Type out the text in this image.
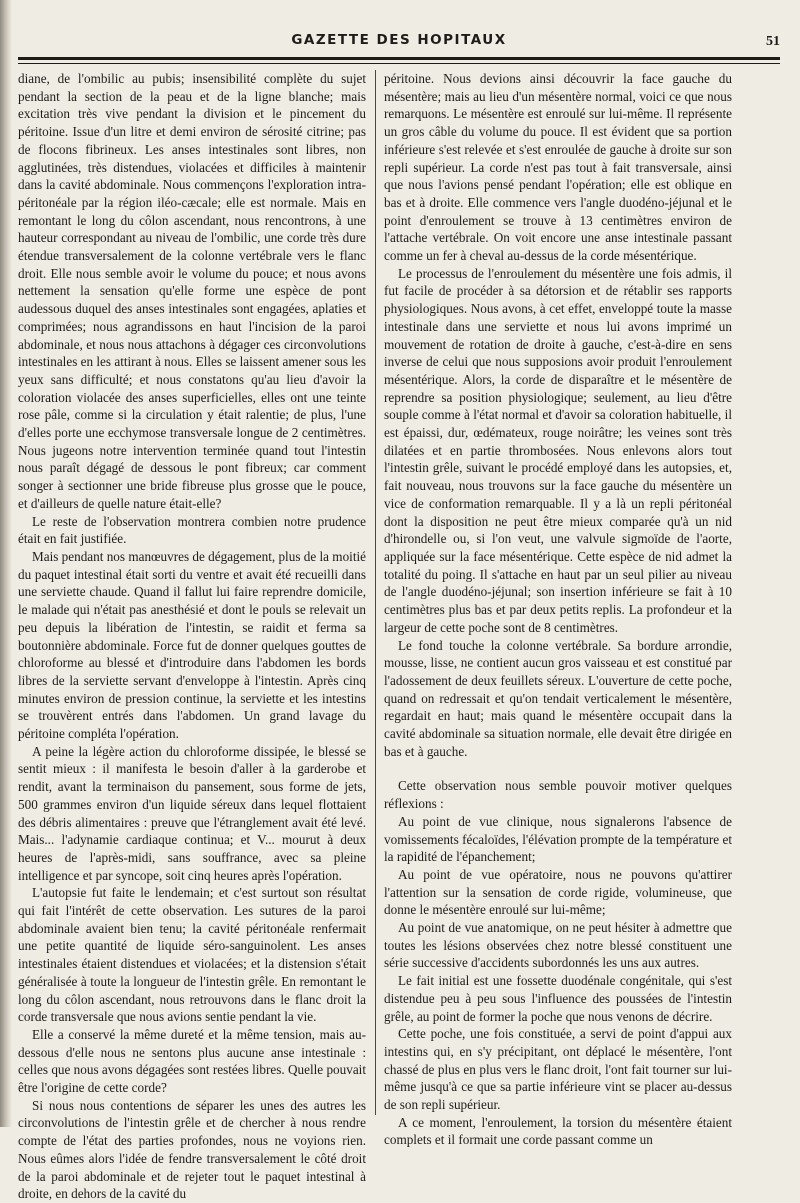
GAZETTE DES HOPITAUX	51

diane, de l'ombilic au pubis; insensibilité complète du sujet pendant la section de la peau et de la ligne blanche; mais excitation très vive pendant la division et le pincement du péritoine. Issue d'un litre et demi environ de sérosité citrine; pas de flocons fibrineux. Les anses intestinales sont libres, non agglutinées, très distendues, violacées et difficiles à maintenir dans la cavité abdominale. Nous commençons l'exploration intra-péritonéale par la région iléo-cæcale; elle est normale. Mais en remontant le long du côlon ascendant, nous rencontrons, à une hauteur correspondant au niveau de l'ombilic, une corde très dure étendue transversalement de la colonne vertébrale vers le flanc droit. Elle nous semble avoir le volume du pouce; et nous avons nettement la sensation qu'elle forme une espèce de pont audessous duquel des anses intestinales sont engagées, aplaties et comprimées; nous agrandissons en haut l'incision de la paroi abdominale, et nous nous attachons à dégager ces circonvolutions intestinales en les attirant à nous. Elles se laissent amener sous les yeux sans difficulté; et nous constatons qu'au lieu d'avoir la coloration violacée des anses superficielles, elles ont une teinte rose pâle, comme si la circulation y était ralentie; de plus, l'une d'elles porte une ecchymose transversale longue de 2 centimètres. Nous jugeons notre intervention terminée quand tout l'intestin nous paraît dégagé de dessous le pont fibreux; car comment songer à sectionner une bride fibreuse plus grosse que le pouce, et d'ailleurs de quelle nature était-elle?

Le reste de l'observation montrera combien notre prudence était en fait justifiée.

Mais pendant nos manœuvres de dégagement, plus de la moitié du paquet intestinal était sorti du ventre et avait été recueilli dans une serviette chaude. Quand il fallut lui faire reprendre domicile, le malade qui n'était pas anesthésié et dont le pouls se relevait un peu depuis la libération de l'intestin, se raidit et ferma sa boutonnière abdominale. Force fut de donner quelques gouttes de chloroforme au blessé et d'introduire dans l'abdomen les bords libres de la serviette servant d'enveloppe à l'intestin. Après cinq minutes environ de pression continue, la serviette et les intestins se trouvèrent entrés dans l'abdomen. Un grand lavage du péritoine compléta l'opération.

A peine la légère action du chloroforme dissipée, le blessé se sentit mieux : il manifesta le besoin d'aller à la garderobe et rendit, avant la terminaison du pansement, sous forme de jets, 500 grammes environ d'un liquide séreux dans lequel flottaient des débris alimentaires : preuve que l'étranglement avait été levé. Mais... l'adynamie cardiaque continua; et V... mourut à deux heures de l'après-midi, sans souffrance, avec sa pleine intelligence et par syncope, soit cinq heures après l'opération.

L'autopsie fut faite le lendemain; et c'est surtout son résultat qui fait l'intérêt de cette observation. Les sutures de la paroi abdominale avaient bien tenu; la cavité péritonéale renfermait une petite quantité de liquide séro-sanguinolent. Les anses intestinales étaient distendues et violacées; et la distension s'était généralisée à toute la longueur de l'intestin grêle. En remontant le long du côlon ascendant, nous retrouvons dans le flanc droit la corde transversale que nous avions sentie pendant la vie.

Elle a conservé la même dureté et la même tension, mais au-dessous d'elle nous ne sentons plus aucune anse intestinale : celles que nous avons dégagées sont restées libres. Quelle pouvait être l'origine de cette corde?

Si nous nous contentions de séparer les unes des autres les circonvolutions de l'intestin grêle et de chercher à nous rendre compte de l'état des parties profondes, nous ne voyions rien. Nous eûmes alors l'idée de fendre transversalement le côté droit de la paroi abdominale et de rejeter tout le paquet intestinal à droite, en dehors de la cavité du

péritoine. Nous devions ainsi découvrir la face gauche du mésentère; mais au lieu d'un mésentère normal, voici ce que nous remarquons. Le mésentère est enroulé sur lui-même. Il représente un gros câble du volume du pouce. Il est évident que sa portion inférieure s'est relevée et s'est enroulée de gauche à droite sur son repli supérieur. La corde n'est pas tout à fait transversale, ainsi que nous l'avions pensé pendant l'opération; elle est oblique en bas et à droite. Elle commence vers l'angle duodéno-jéjunal et le point d'enroulement se trouve à 13 centimètres environ de l'attache vertébrale. On voit encore une anse intestinale passant comme un fer à cheval au-dessus de la corde mésentérique.

Le processus de l'enroulement du mésentère une fois admis, il fut facile de procéder à sa détorsion et de rétablir ses rapports physiologiques. Nous avons, à cet effet, enveloppé toute la masse intestinale dans une serviette et nous lui avons imprimé un mouvement de rotation de droite à gauche, c'est-à-dire en sens inverse de celui que nous supposions avoir produit l'enroulement mésentérique. Alors, la corde de disparaître et le mésentère de reprendre sa position physiologique; seulement, au lieu d'être souple comme à l'état normal et d'avoir sa coloration habituelle, il est épaissi, dur, œdémateux, rouge noirâtre; les veines sont très dilatées et en partie thrombosées. Nous enlevons alors tout l'intestin grêle, suivant le procédé employé dans les autopsies, et, fait nouveau, nous trouvons sur la face gauche du mésentère un vice de conformation remarquable. Il y a là un repli péritonéal dont la disposition ne peut être mieux comparée qu'à un nid d'hirondelle ou, si l'on veut, une valvule sigmoïde de l'aorte, appliquée sur la face mésentérique. Cette espèce de nid admet la totalité du poing. Il s'attache en haut par un seul pilier au niveau de l'angle duodéno-jéjunal; son insertion inférieure se fait à 10 centimètres plus bas et par deux petits replis. La profondeur et la largeur de cette poche sont de 8 centimètres.

Le fond touche la colonne vertébrale. Sa bordure arrondie, mousse, lisse, ne contient aucun gros vaisseau et est constitué par l'adossement de deux feuillets séreux. L'ouverture de cette poche, quand on redressait et qu'on tendait verticalement le mésentère, regardait en haut; mais quand le mésentère occupait dans la cavité abdominale sa situation normale, elle devait être dirigée en bas et à gauche.

Cette observation nous semble pouvoir motiver quelques réflexions :

Au point de vue clinique, nous signalerons l'absence de vomissements fécaloïdes, l'élévation prompte de la température et la rapidité de l'épanchement;

Au point de vue opératoire, nous ne pouvons qu'attirer l'attention sur la sensation de corde rigide, volumineuse, que donne le mésentère enroulé sur lui-même;

Au point de vue anatomique, on ne peut hésiter à admettre que toutes les lésions observées chez notre blessé constituent une série successive d'accidents subordonnés les uns aux autres.

Le fait initial est une fossette duodénale congénitale, qui s'est distendue peu à peu sous l'influence des poussées de l'intestin grêle, au point de former la poche que nous venons de décrire.

Cette poche, une fois constituée, a servi de point d'appui aux intestins qui, en s'y précipitant, ont déplacé le mésentère, l'ont chassé de plus en plus vers le flanc droit, l'ont fait tourner sur lui-même jusqu'à ce que sa partie inférieure vint se placer au-dessus de son repli supérieur.

A ce moment, l'enroulement, la torsion du mésentère étaient complets et il formait une corde passant comme un
